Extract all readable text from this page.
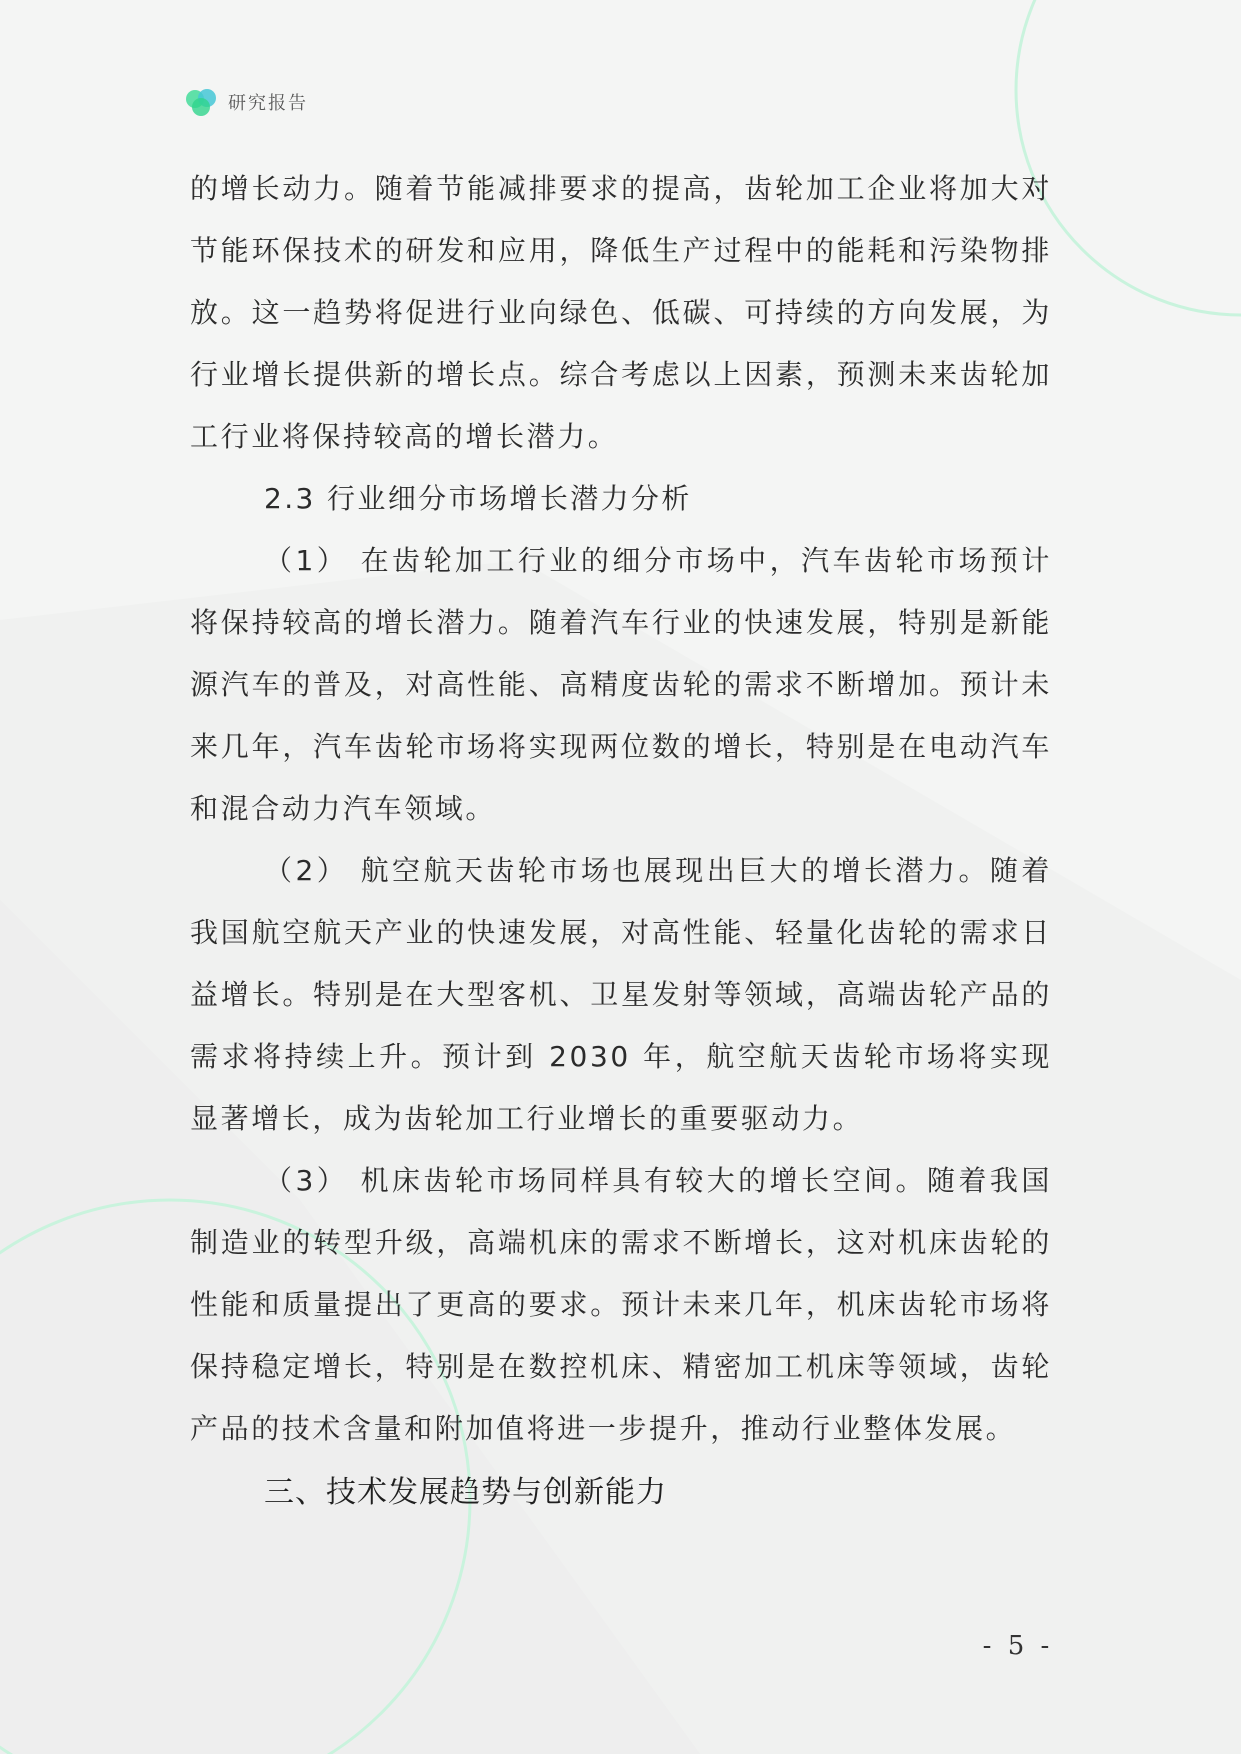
研究报告

的增长动力。随着节能减排要求的提高，齿轮加工企业将加大对节能环保技术的研发和应用，降低生产过程中的能耗和污染物排放。这一趋势将促进行业向绿色、低碳、可持续的方向发展，为行业增长提供新的增长点。综合考虑以上因素，预测未来齿轮加工行业将保持较高的增长潜力。

2.3 行业细分市场增长潜力分析

（1） 在齿轮加工行业的细分市场中，汽车齿轮市场预计将保持较高的增长潜力。随着汽车行业的快速发展，特别是新能源汽车的普及，对高性能、高精度齿轮的需求不断增加。预计未来几年，汽车齿轮市场将实现两位数的增长，特别是在电动汽车和混合动力汽车领域。

（2） 航空航天齿轮市场也展现出巨大的增长潜力。随着我国航空航天产业的快速发展，对高性能、轻量化齿轮的需求日益增长。特别是在大型客机、卫星发射等领域，高端齿轮产品的需求将持续上升。预计到 2030 年，航空航天齿轮市场将实现显著增长，成为齿轮加工行业增长的重要驱动力。

（3） 机床齿轮市场同样具有较大的增长空间。随着我国制造业的转型升级，高端机床的需求不断增长，这对机床齿轮的性能和质量提出了更高的要求。预计未来几年，机床齿轮市场将保持稳定增长，特别是在数控机床、精密加工机床等领域，齿轮产品的技术含量和附加值将进一步提升，推动行业整体发展。

三、技术发展趋势与创新能力

- 5 -
